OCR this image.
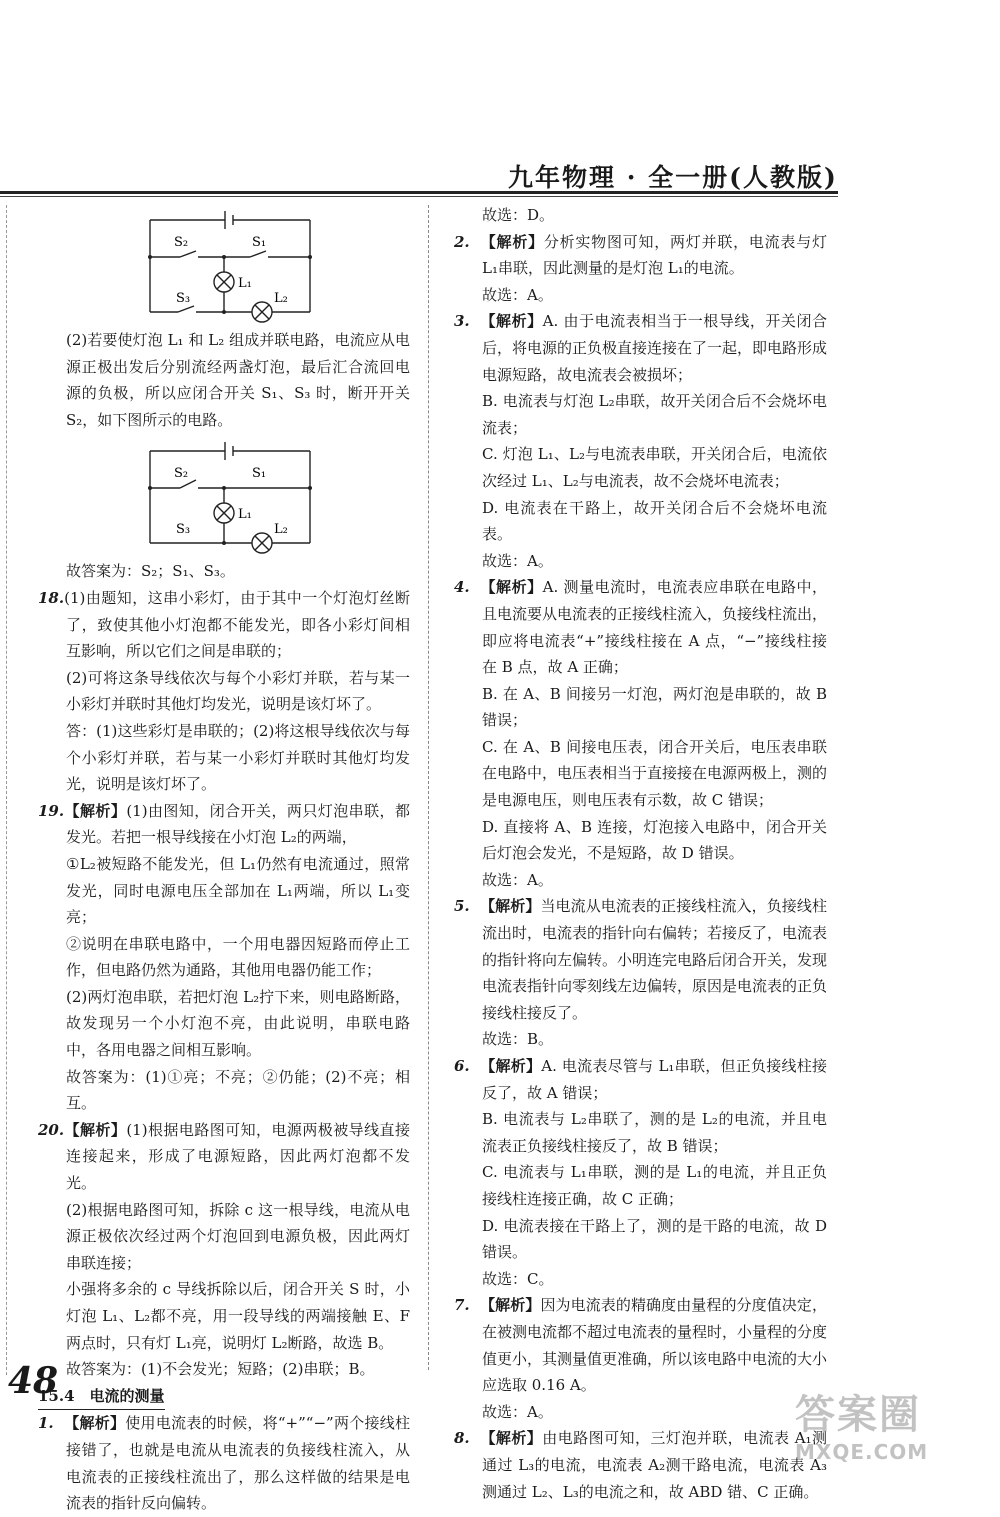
九年物理 · 全一册(人教版)
S₂	S₁
S₃
L₁
L₂

(2)若要使灯泡 L₁ 和 L₂ 组成并联电路，电流应从电源正极出发后分别流经两盏灯泡，最后汇合流回电源的负极，所以应闭合开关 S₁、S₃ 时，断开开关 S₂，如下图所示的电路。

S₂	S₁
S₃
L₁
L₂

故答案为：S₂；S₁、S₃。

18.(1)由题知，这串小彩灯，由于其中一个灯泡灯丝断了，致使其他小灯泡都不能发光，即各小彩灯间相互影响，所以它们之间是串联的；

(2)可将这条导线依次与每个小彩灯并联，若与某一小彩灯并联时其他灯均发光，说明是该灯坏了。

答：(1)这些彩灯是串联的；(2)将这根导线依次与每个小彩灯并联，若与某一小彩灯并联时其他灯均发光，说明是该灯坏了。

19.【解析】(1)由图知，闭合开关，两只灯泡串联，都发光。若把一根导线接在小灯泡 L₂的两端，

①L₂被短路不能发光，但 L₁仍然有电流通过，照常发光，同时电源电压全部加在 L₁两端，所以 L₁变亮；

②说明在串联电路中，一个用电器因短路而停止工作，但电路仍然为通路，其他用电器仍能工作；

(2)两灯泡串联，若把灯泡 L₂拧下来，则电路断路，故发现另一个小灯泡不亮，由此说明，串联电路中，各用电器之间相互影响。

故答案为：(1)①亮；不亮；②仍能；(2)不亮；相互。

20.【解析】(1)根据电路图可知，电源两极被导线直接连接起来，形成了电源短路，因此两灯泡都不发光。

(2)根据电路图可知，拆除 c 这一根导线，电流从电源正极依次经过两个灯泡回到电源负极，因此两灯串联连接；

小强将多余的 c 导线拆除以后，闭合开关 S 时，小灯泡 L₁、L₂都不亮，用一段导线的两端接触 E、F 两点时，只有灯 L₁亮，说明灯 L₂断路，故选 B。

故答案为：(1)不会发光；短路；(2)串联；B。

15.4　电流的测量

1. 【解析】使用电流表的时候，将“+”“−”两个接线柱接错了，也就是电流从电流表的负接线柱流入，从电流表的正接线柱流出了，那么这样做的结果是电流表的指针反向偏转。

故选：D。

2. 【解析】分析实物图可知，两灯并联，电流表与灯 L₁串联，因此测量的是灯泡 L₁的电流。

故选：A。

3. 【解析】A. 由于电流表相当于一根导线，开关闭合后，将电源的正负极直接连接在了一起，即电路形成电源短路，故电流表会被损坏；

B. 电流表与灯泡 L₂串联，故开关闭合后不会烧坏电流表；

C. 灯泡 L₁、L₂与电流表串联，开关闭合后，电流依次经过 L₁、L₂与电流表，故不会烧坏电流表；

D. 电流表在干路上，故开关闭合后不会烧坏电流表。

故选：A。

4. 【解析】A. 测量电流时，电流表应串联在电路中，且电流要从电流表的正接线柱流入，负接线柱流出，即应将电流表“+”接线柱接在 A 点，“−”接线柱接在 B 点，故 A 正确；

B. 在 A、B 间接另一灯泡，两灯泡是串联的，故 B 错误；

C. 在 A、B 间接电压表，闭合开关后，电压表串联在电路中，电压表相当于直接接在电源两极上，测的是电源电压，则电压表有示数，故 C 错误；

D. 直接将 A、B 连接，灯泡接入电路中，闭合开关后灯泡会发光，不是短路，故 D 错误。

故选：A。

5. 【解析】当电流从电流表的正接线柱流入，负接线柱流出时，电流表的指针向右偏转；若接反了，电流表的指针将向左偏转。小明连完电路后闭合开关，发现电流表指针向零刻线左边偏转，原因是电流表的正负接线柱接反了。

故选：B。

6. 【解析】A. 电流表尽管与 L₁串联，但正负接线柱接反了，故 A 错误；

B. 电流表与 L₂串联了，测的是 L₂的电流，并且电流表正负接线柱接反了，故 B 错误；

C. 电流表与 L₁串联，测的是 L₁的电流，并且正负接线柱连接正确，故 C 正确；

D. 电流表接在干路上了，测的是干路的电流，故 D 错误。

故选：C。

7. 【解析】因为电流表的精确度由量程的分度值决定，在被测电流都不超过电流表的量程时，小量程的分度值更小，其测量值更准确，所以该电路中电流的大小应选取 0.16 A。

故选：A。

8. 【解析】由电路图可知，三灯泡并联，电流表 A₁测通过 L₃的电流，电流表 A₂测干路电流，电流表 A₃测通过 L₂、L₃的电流之和，故 ABD 错、C 正确。

48
答案圈
MXQE.COM
